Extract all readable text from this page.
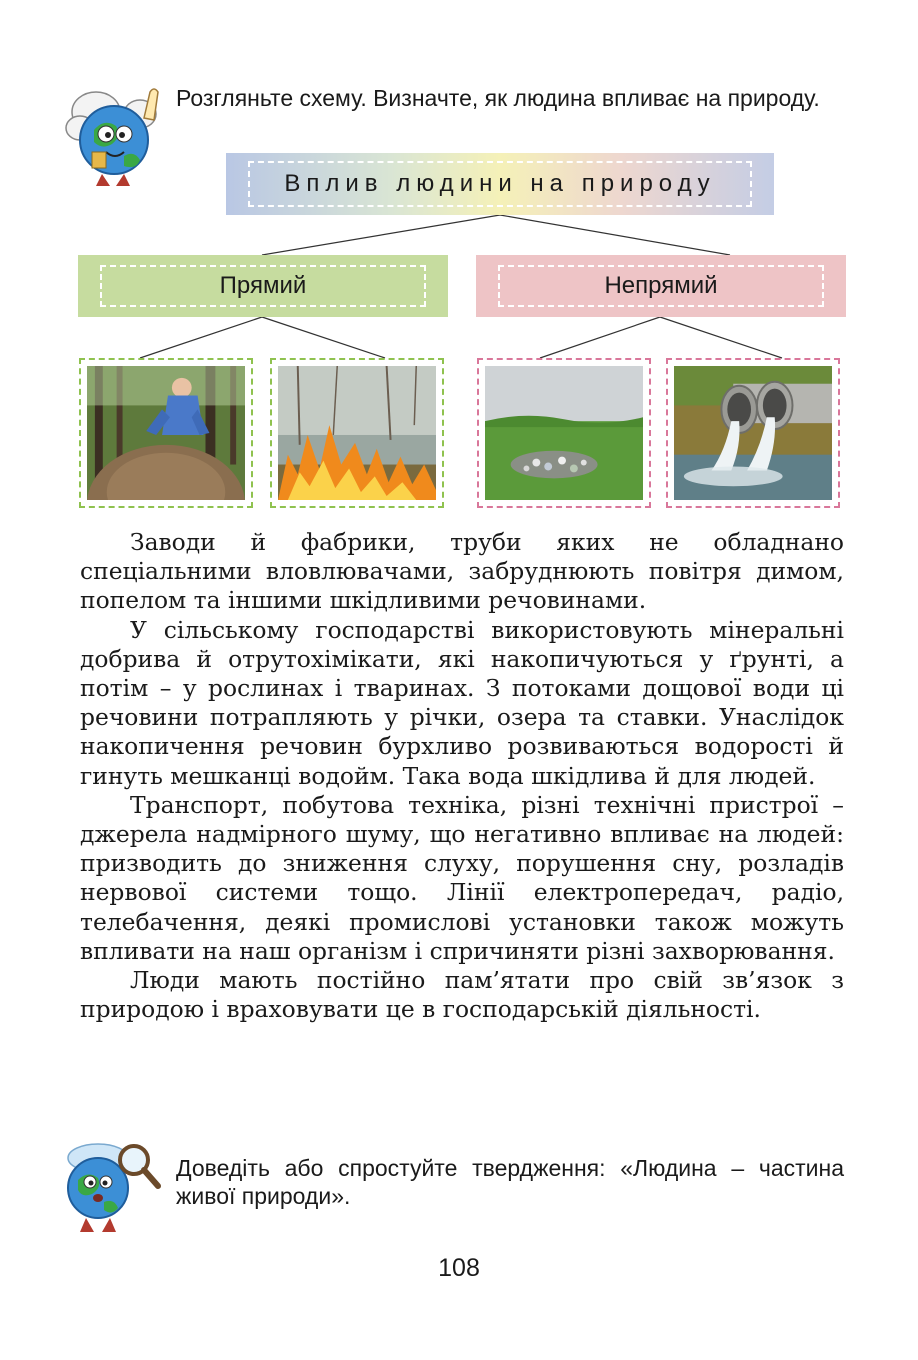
Розгляньте схему. Визначте, як людина впливає на природу.
Вплив людини на природу
Прямий	Непрямий

Заводи й фабрики, труби яких не обладнано спеціальними вловлювачами, забруднюють повітря димом, попелом та іншими шкідливими речовинами.

У сільському господарстві використовують мінеральні добрива й отрутохімікати, які накопичуються у ґрунті, а потім – у рослинах і тваринах. З потоками дощової води ці речовини потрапляють у річки, озера та ставки. Унаслідок накопичення речовин бурхливо розвиваються водорості й гинуть мешканці водойм. Така вода шкідлива й для людей.

Транспорт, побутова техніка, різні технічні пристрої – джерела надмірного шуму, що негативно впливає на людей: призводить до зниження слуху, порушення сну, розладів нервової системи тощо. Лінії електропередач, радіо, телебачення, деякі промислові установки також можуть впливати на наш організм і спричиняти різні захворювання.

Люди мають постійно пам’ятати про свій зв’язок з природою і враховувати це в господарській діяльності.

Доведіть або спростуйте твердження: «Людина – частина живої природи».
108
